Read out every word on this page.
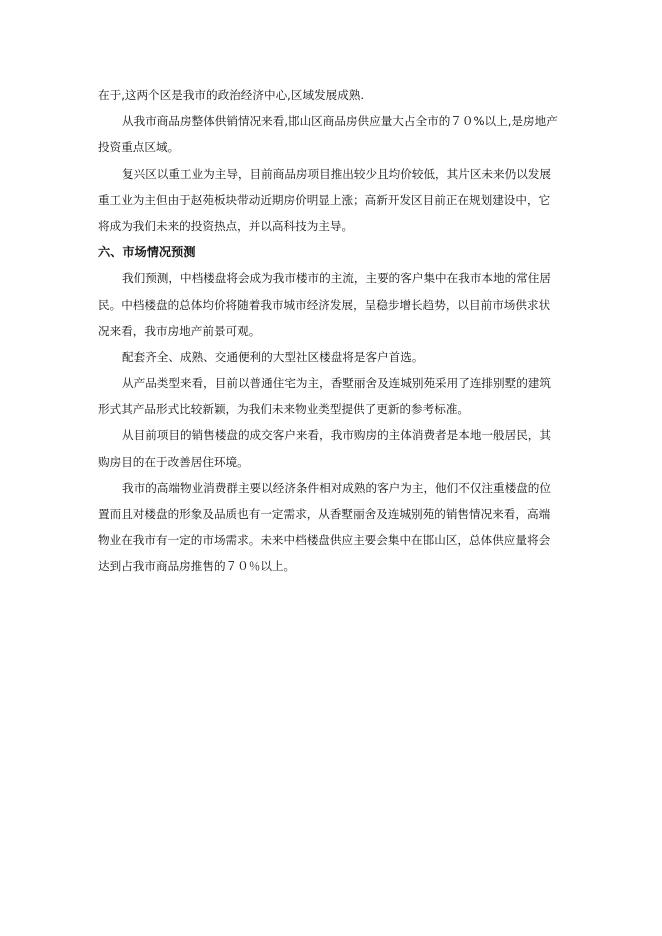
在于,这两个区是我市的政治经济中心,区域发展成熟.
从我市商品房整体供销情况来看,邯山区商品房供应量大占全市的７０%以上,是房地产
投资重点区域。
复兴区以重工业为主导，目前商品房项目推出较少且均价较低，其片区未来仍以发展
重工业为主但由于赵苑板块带动近期房价明显上涨；高新开发区目前正在规划建设中，它
将成为我们未来的投资热点，并以高科技为主导。
六、市场情况预测
我们预测，中档楼盘将会成为我市楼市的主流，主要的客户集中在我市本地的常住居
民。中档楼盘的总体均价将随着我市城市经济发展，呈稳步增长趋势，以目前市场供求状
况来看，我市房地产前景可观。
配套齐全、成熟、交通便利的大型社区楼盘将是客户首选。
从产品类型来看，目前以普通住宅为主，香墅丽舍及连城别苑采用了连排别墅的建筑
形式其产品形式比较新颖，为我们未来物业类型提供了更新的参考标准。
从目前项目的销售楼盘的成交客户来看，我市购房的主体消费者是本地一般居民，其
购房目的在于改善居住环境。
我市的高端物业消费群主要以经济条件相对成熟的客户为主，他们不仅注重楼盘的位
置而且对楼盘的形象及品质也有一定需求，从香墅丽舍及连城别苑的销售情况来看，高端
物业在我市有一定的市场需求。未来中档楼盘供应主要会集中在邯山区，总体供应量将会
达到占我市商品房推售的７０％以上。
